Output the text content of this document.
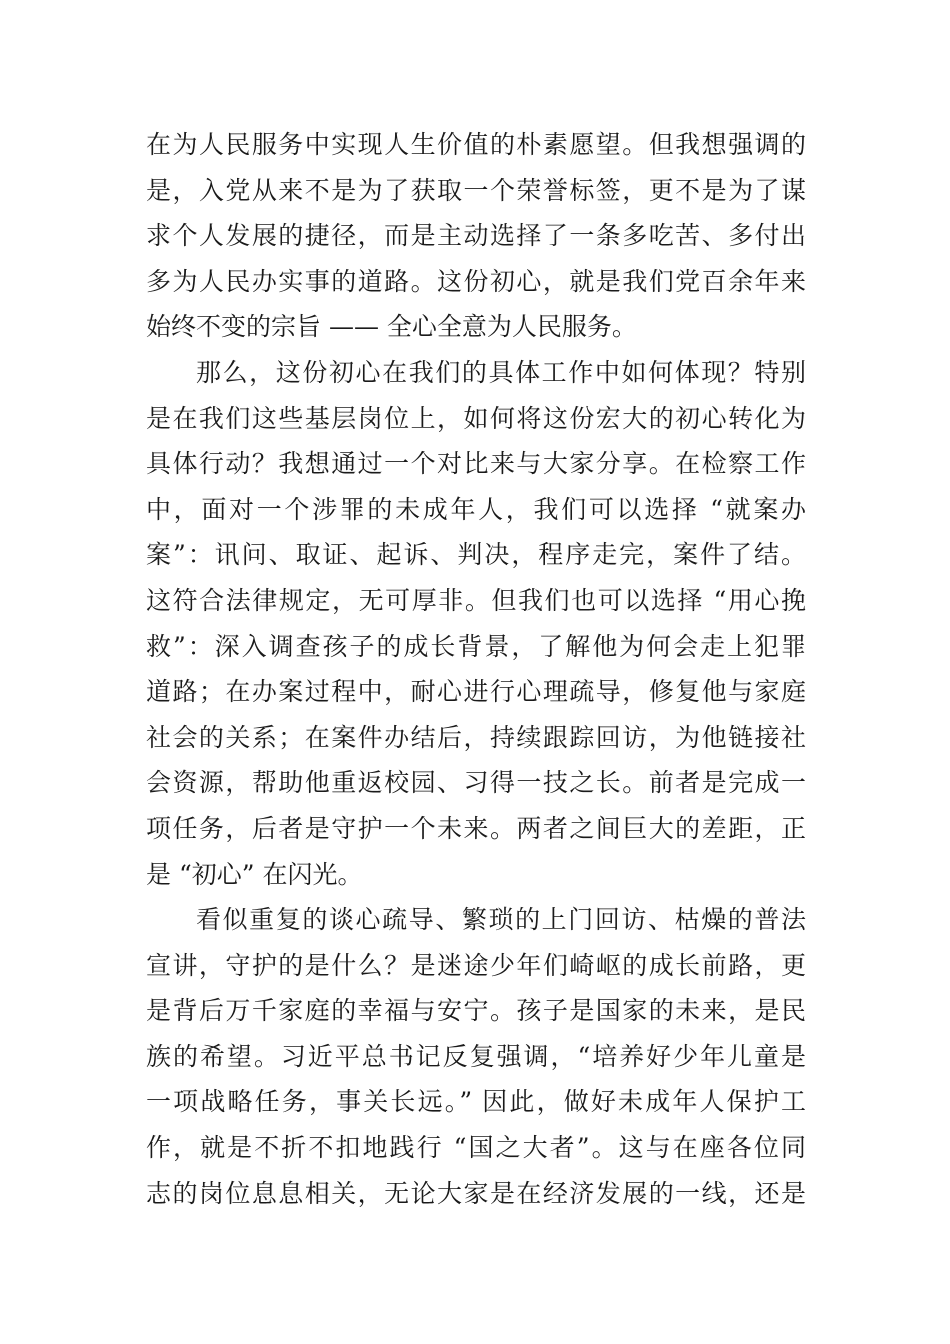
在为人民服务中实现人生价值的朴素愿望。但我想强调的
是，入党从来不是为了获取一个荣誉标签，更不是为了谋
求个人发展的捷径，而是主动选择了一条多吃苦、多付出
多为人民办实事的道路。这份初心，就是我们党百余年来
始终不变的宗旨 —— 全心全意为人民服务。
那么，这份初心在我们的具体工作中如何体现？特别
是在我们这些基层岗位上，如何将这份宏大的初心转化为
具体行动？我想通过一个对比来与大家分享。在检察工作
中，面对一个涉罪的未成年人，我们可以选择 “就案办
案”：讯问、取证、起诉、判决，程序走完，案件了结。
这符合法律规定，无可厚非。但我们也可以选择 “用心挽
救”：深入调查孩子的成长背景，了解他为何会走上犯罪
道路；在办案过程中，耐心进行心理疏导，修复他与家庭
社会的关系；在案件办结后，持续跟踪回访，为他链接社
会资源，帮助他重返校园、习得一技之长。前者是完成一
项任务，后者是守护一个未来。两者之间巨大的差距，正
是 “初心” 在闪光。
看似重复的谈心疏导、繁琐的上门回访、枯燥的普法
宣讲，守护的是什么？是迷途少年们崎岖的成长前路，更
是背后万千家庭的幸福与安宁。孩子是国家的未来，是民
族的希望。习近平总书记反复强调，“培养好少年儿童是
一项战略任务，事关长远。” 因此，做好未成年人保护工
作，就是不折不扣地践行 “国之大者”。这与在座各位同
志的岗位息息相关，无论大家是在经济发展的一线，还是
